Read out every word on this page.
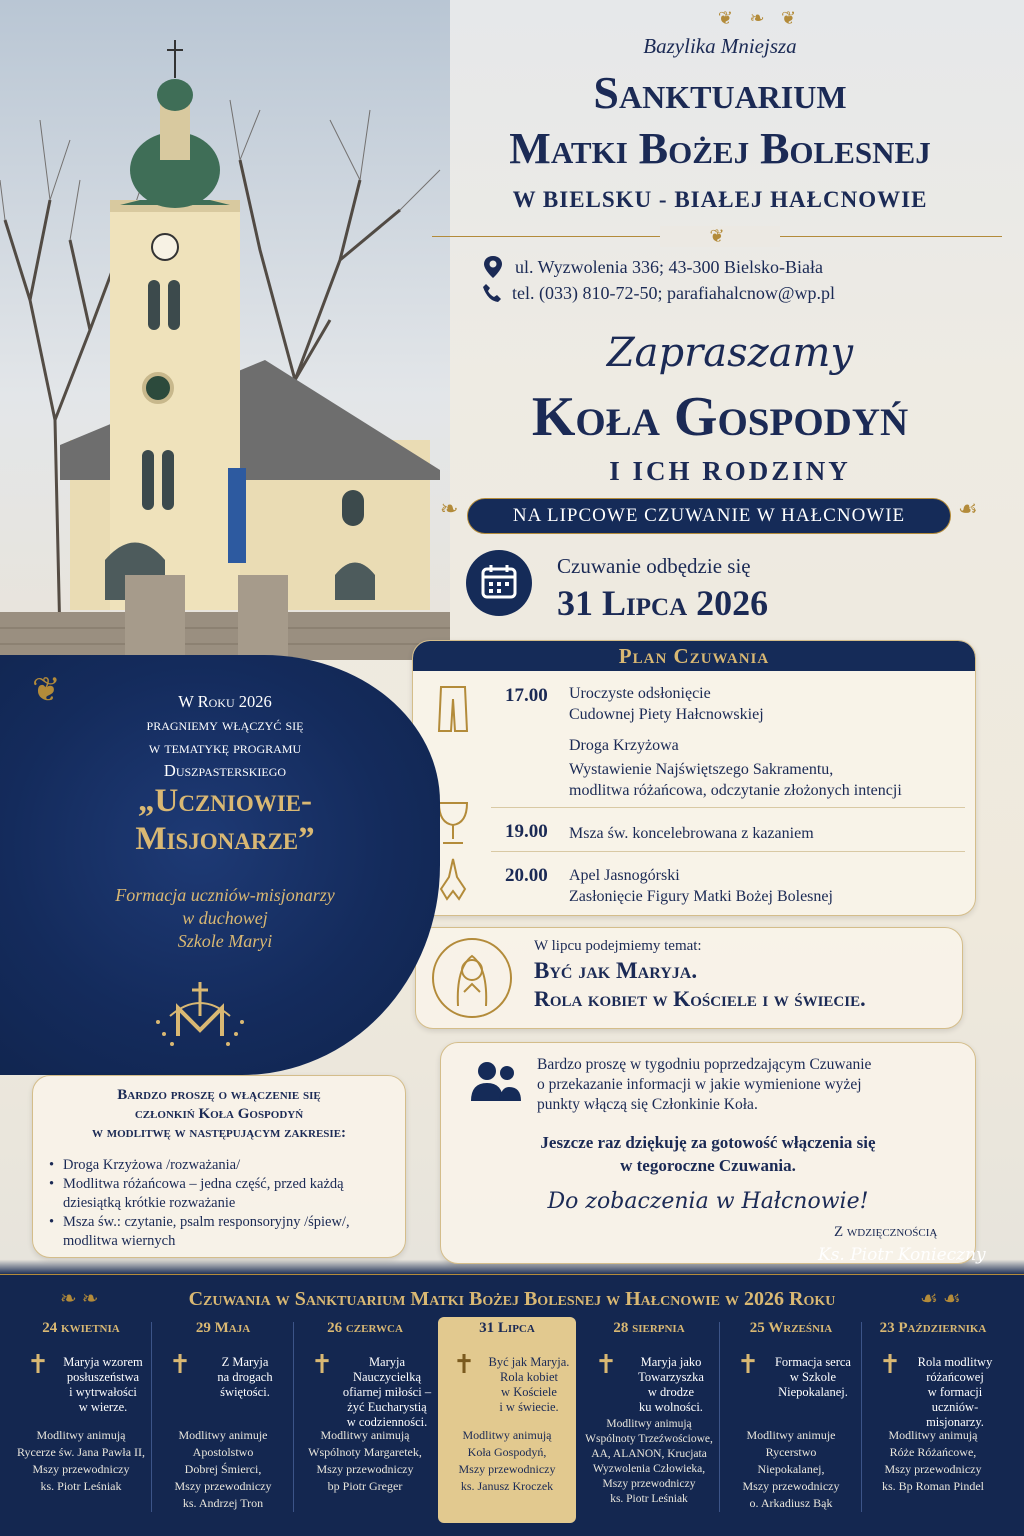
❦ ❧ ❦
Bazylika Mniejsza
Sanktuarium
Matki Bożej Bolesnej
W BIELSKU - BIAŁEJ HAŁCNOWIE
❦
ul. Wyzwolenia 336; 43-300 Bielsko-Biała
tel. (033) 810-72-50; parafiahalcnow@wp.pl
Zapraszamy
Koła Gospodyń
I ICH RODZINY
❧	☙
NA LIPCOWE CZUWANIE W HAŁCNOWIE
Czuwanie odbędzie się
31 Lipca 2026
Plan Czuwania
17.00 Uroczyste odsłonięcie
Cudownej Piety Hałcnowskiej
Droga Krzyżowa
Wystawienie Najświętszego Sakramentu,
modlitwa różańcowa, odczytanie złożonych intencji
19.00 Msza św. koncelebrowana z kazaniem
20.00 Apel Jasnogórski
Zasłonięcie Figury Matki Bożej Bolesnej
W lipcu podejmiemy temat:
Być jak Maryja.
Rola kobiet w Kościele i w świecie.
❦	W Roku 2026
pragniemy włączyć się
w tematykę programu
Duszpasterskiego
„Uczniowie-
Misjonarze”
Formacja uczniów-misjonarzy
w duchowej
Szkole Maryi
Bardzo proszę o włączenie się
członkiń Koła Gospodyń
w modlitwę w następującym zakresie:
• Droga Krzyżowa /rozważania/
• Modlitwa różańcowa – jedna część, przed każdą dziesiątką krótkie rozważanie
• Msza św.: czytanie, psalm responsoryjny /śpiew/, modlitwa wiernych
Bardzo proszę w tygodniu poprzedzającym Czuwanie
o przekazanie informacji w jakie wymienione wyżej
punkty włączą się Członkinie Koła.
Jeszcze raz dziękuję za gotowość włączenia się
w tegoroczne Czuwania.
Do zobaczenia w Hałcnowie!
Z wdzięcznością
Ks. Piotr Konieczny
❧ ❧	☙ ☙
Czuwania w Sanktuarium Matki Bożej Bolesnej w Hałcnowie w 2026 Roku
24 kwietnia
✝	Maryja wzorem
posłuszeństwa
i wytrwałości
w wierze.
Modlitwy animują
Rycerze św. Jana Pawła II,
Mszy przewodniczy
ks. Piotr Leśniak
29 Maja
✝	Z Maryja
na drogach
świętości.
Modlitwy animuje
Apostolstwo
Dobrej Śmierci,
Mszy przewodniczy
ks. Andrzej Tron
26 czerwca
✝	Maryja Nauczycielką
ofiarnej miłości –
żyć Eucharystią
w codzienności.
Modlitwy animują
Wspólnoty Margaretek,
Mszy przewodniczy
bp Piotr Greger
31 Lipca
✝	Być jak Maryja.
Rola kobiet
w Kościele
i w świecie.
Modlitwy animują
Koła Gospodyń,
Mszy przewodniczy
ks. Janusz Kroczek
28 sierpnia
✝	Maryja jako
Towarzyszka
w drodze
ku wolności.
Modlitwy animują
Wspólnoty Trzeźwościowe,
AA, ALANON, Krucjata
Wyzwolenia Człowieka,
Mszy przewodniczy
ks. Piotr Leśniak
25 Września
✝	Formacja serca
w Szkole
Niepokalanej.
Modlitwy animuje
Rycerstwo
Niepokalanej,
Mszy przewodniczy
o. Arkadiusz Bąk
23 Października
✝	Rola modlitwy
różańcowej
w formacji
uczniów-misjonarzy.
Modlitwy animują
Róże Różańcowe,
Mszy przewodniczy
ks. Bp Roman Pindel
